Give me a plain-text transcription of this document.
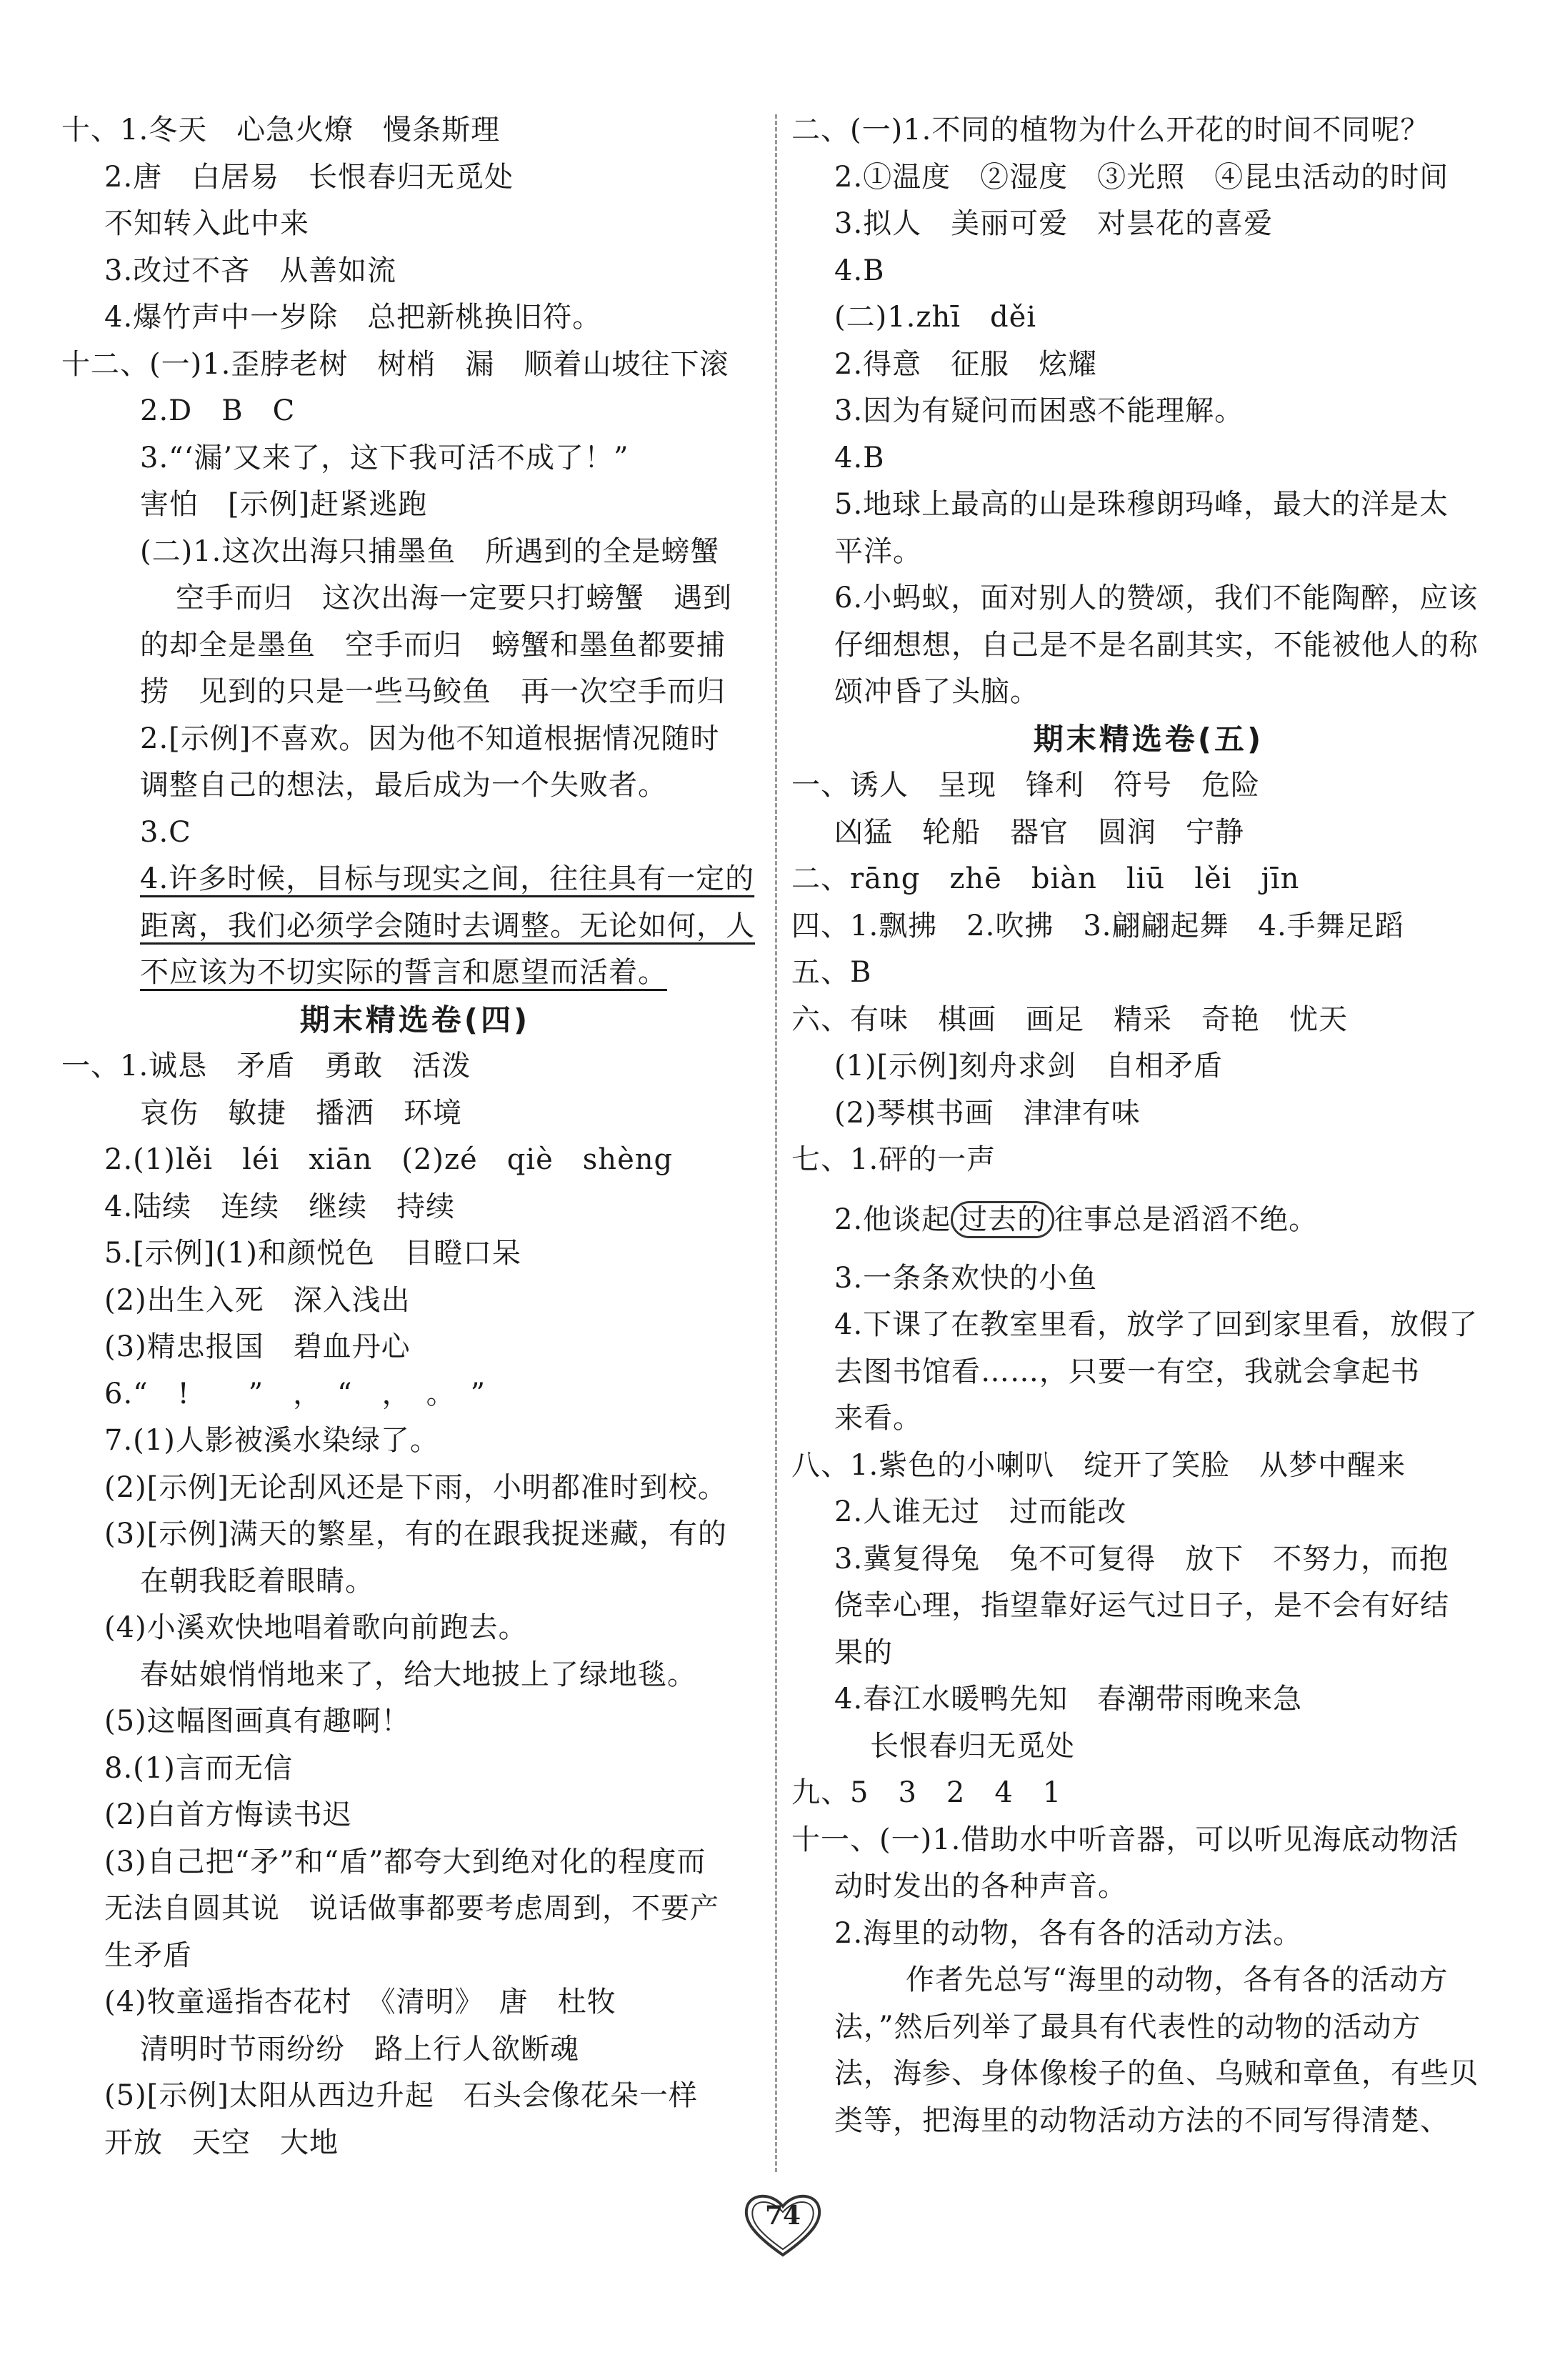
十、1.冬天　心急火燎　慢条斯理
2.唐　白居易　长恨春归无觅处
不知转入此中来
3.改过不吝　从善如流
4.爆竹声中一岁除　总把新桃换旧符。
十二、(一)1.歪脖老树　树梢　漏　顺着山坡往下滚
2.D　B　C
3.“‘漏’又来了，这下我可活不成了！”
害怕　[示例]赶紧逃跑
(二)1.这次出海只捕墨鱼　所遇到的全是螃蟹
空手而归　这次出海一定要只打螃蟹　遇到
的却全是墨鱼　空手而归　螃蟹和墨鱼都要捕
捞　见到的只是一些马鲛鱼　再一次空手而归
2.[示例]不喜欢。因为他不知道根据情况随时
调整自己的想法，最后成为一个失败者。
3.C
4.许多时候，目标与现实之间，往往具有一定的
距离，我们必须学会随时去调整。无论如何，人
不应该为不切实际的誓言和愿望而活着。
期末精选卷(四)
一、1.诚恳　矛盾　勇敢　活泼
哀伤　敏捷　播洒　环境
2.(1)lěi　léi　xiān　(2)zé　qiè　shèng
4.陆续　连续　继续　持续
5.[示例](1)和颜悦色　目瞪口呆
(2)出生入死　深入浅出
(3)精忠报国　碧血丹心
6.“　!　　”　，　“　，　。　”
7.(1)人影被溪水染绿了。
(2)[示例]无论刮风还是下雨，小明都准时到校。
(3)[示例]满天的繁星，有的在跟我捉迷藏，有的
在朝我眨着眼睛。
(4)小溪欢快地唱着歌向前跑去。
春姑娘悄悄地来了，给大地披上了绿地毯。
(5)这幅图画真有趣啊！
8.(1)言而无信
(2)白首方悔读书迟
(3)自己把“矛”和“盾”都夸大到绝对化的程度而
无法自圆其说　说话做事都要考虑周到，不要产
生矛盾
(4)牧童遥指杏花村　《清明》　唐　杜牧
清明时节雨纷纷　路上行人欲断魂
(5)[示例]太阳从西边升起　石头会像花朵一样
开放　天空　大地
二、(一)1.不同的植物为什么开花的时间不同呢？
2.①温度　②湿度　③光照　④昆虫活动的时间
3.拟人　美丽可爱　对昙花的喜爱
4.B
(二)1.zhī　děi
2.得意　征服　炫耀
3.因为有疑问而困惑不能理解。
4.B
5.地球上最高的山是珠穆朗玛峰，最大的洋是太
平洋。
6.小蚂蚁，面对别人的赞颂，我们不能陶醉，应该
仔细想想，自己是不是名副其实，不能被他人的称
颂冲昏了头脑。
期末精选卷(五)
一、诱人　呈现　锋利　符号　危险
凶猛　轮船　器官　圆润　宁静
二、rāng　zhē　biàn　liū　lěi　jīn
四、1.飘拂　2.吹拂　3.翩翩起舞　4.手舞足蹈
五、B
六、有味　棋画　画足　精采　奇艳　忧天
(1)[示例]刻舟求剑　自相矛盾
(2)琴棋书画　津津有味
七、1.砰的一声
2.他谈起 过去的 往事总是滔滔不绝。
3.一条条欢快的小鱼
4.下课了在教室里看，放学了回到家里看，放假了
去图书馆看……，只要一有空，我就会拿起书
来看。
八、1.紫色的小喇叭　绽开了笑脸　从梦中醒来
2.人谁无过　过而能改
3.冀复得兔　兔不可复得　放下　不努力，而抱
侥幸心理，指望靠好运气过日子，是不会有好结
果的
4.春江水暖鸭先知　春潮带雨晚来急
长恨春归无觅处
九、5　3　2　4　1
十一、(一)1.借助水中听音器，可以听见海底动物活
动时发出的各种声音。
2.海里的动物，各有各的活动方法。
作者先总写“海里的动物，各有各的活动方
法，”然后列举了最具有代表性的动物的活动方
法，海参、身体像梭子的鱼、乌贼和章鱼，有些贝
类等，把海里的动物活动方法的不同写得清楚、
74
